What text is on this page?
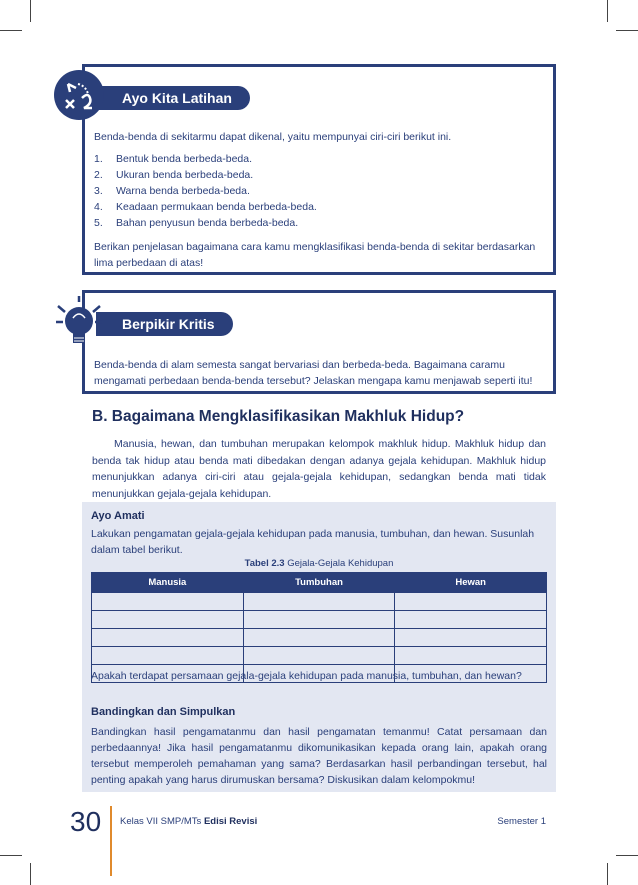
Benda-benda di sekitarmu dapat dikenal, yaitu mempunyai ciri-ciri berikut ini.
1.	Bentuk benda berbeda-beda.
2.	Ukuran benda berbeda-beda.
3.	Warna benda berbeda-beda.
4.	Keadaan permukaan benda berbeda-beda.
5.	Bahan penyusun benda berbeda-beda.
Berikan penjelasan bagaimana cara kamu mengklasifikasi benda-benda di sekitar berdasarkan lima perbedaan di atas!
Ayo Kita Latihan
Benda-benda di alam semesta sangat bervariasi dan berbeda-beda. Bagaimana caramu mengamati perbedaan benda-benda tersebut? Jelaskan mengapa kamu menjawab seperti itu!
Berpikir Kritis
B. Bagaimana Mengklasifikasikan Makhluk Hidup?
Manusia, hewan, dan tumbuhan merupakan kelompok makhluk hidup. Makhluk hidup dan benda tak hidup atau benda mati dibedakan dengan adanya gejala kehidupan. Makhluk hidup menunjukkan adanya ciri-ciri atau gejala-gejala kehidupan, sedangkan benda mati tidak menunjukkan gejala-gejala kehidupan.
Ayo Amati
Lakukan pengamatan gejala-gejala kehidupan pada manusia, tumbuhan, dan hewan. Susunlah dalam tabel berikut.
Tabel 2.3 Gejala-Gejala Kehidupan
Manusia	Tumbuhan	Hewan

Apakah terdapat persamaan gejala-gejala kehidupan pada manusia, tumbuhan, dan hewan?
Bandingkan dan Simpulkan
Bandingkan hasil pengamatanmu dan hasil pengamatan temanmu! Catat persamaan dan perbedaannya! Jika hasil pengamatanmu dikomunikasikan kepada orang lain, apakah orang tersebut memperoleh pemahaman yang sama? Berdasarkan hasil perbandingan tersebut, hal penting apakah yang harus dirumuskan bersama? Diskusikan dalam kelompokmu!
30 Kelas VII SMP/MTs Edisi Revisi	Semester 1
